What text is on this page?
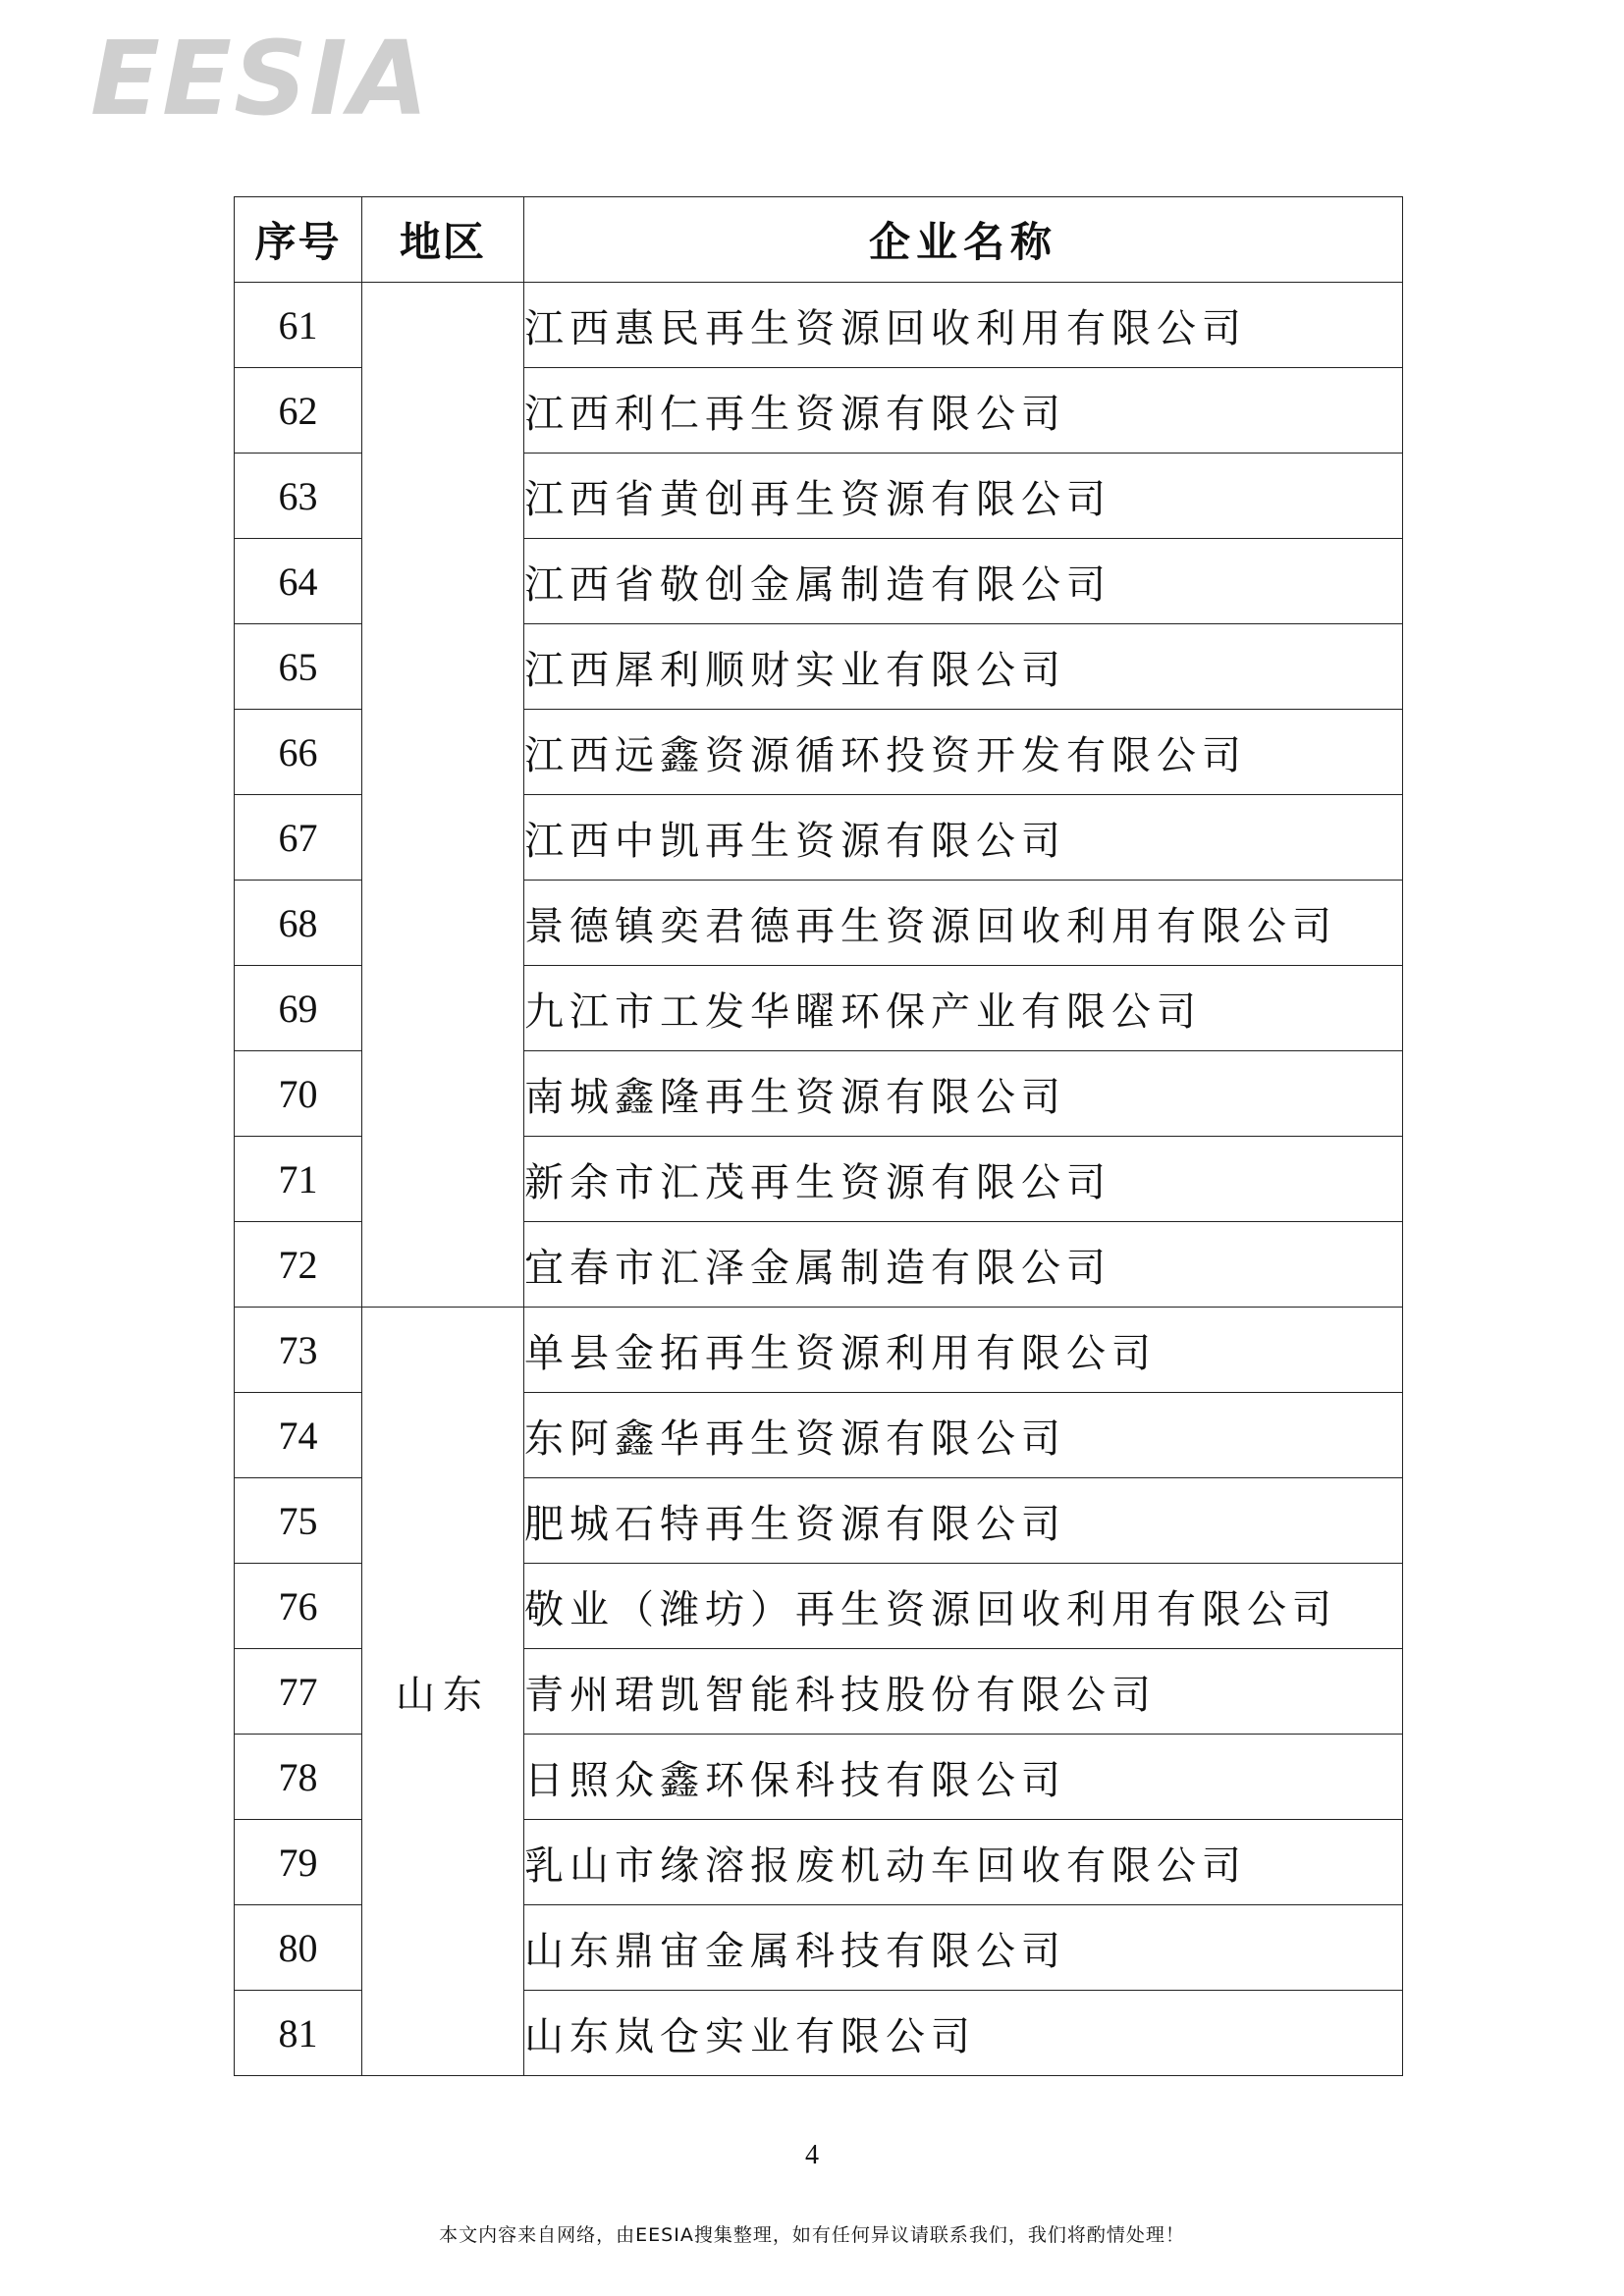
EESIA
序号	地区	企业名称
61		江西惠民再生资源回收利用有限公司
62		江西利仁再生资源有限公司
63		江西省黄创再生资源有限公司
64		江西省敬创金属制造有限公司
65		江西犀利顺财实业有限公司
66		江西远鑫资源循环投资开发有限公司
67		江西中凯再生资源有限公司
68		景德镇奕君德再生资源回收利用有限公司
69		九江市工发华曜环保产业有限公司
70		南城鑫隆再生资源有限公司
71		新余市汇茂再生资源有限公司
72		宜春市汇泽金属制造有限公司
73	山东	单县金拓再生资源利用有限公司
74		东阿鑫华再生资源有限公司
75		肥城石特再生资源有限公司
76		敬业（潍坊）再生资源回收利用有限公司
77		青州珺凯智能科技股份有限公司
78		日照众鑫环保科技有限公司
79		乳山市缘溶报废机动车回收有限公司
80		山东鼎宙金属科技有限公司
81		山东岚仓实业有限公司
4
本文内容来自网络，由EESIA搜集整理，如有任何异议请联系我们，我们将酌情处理！
